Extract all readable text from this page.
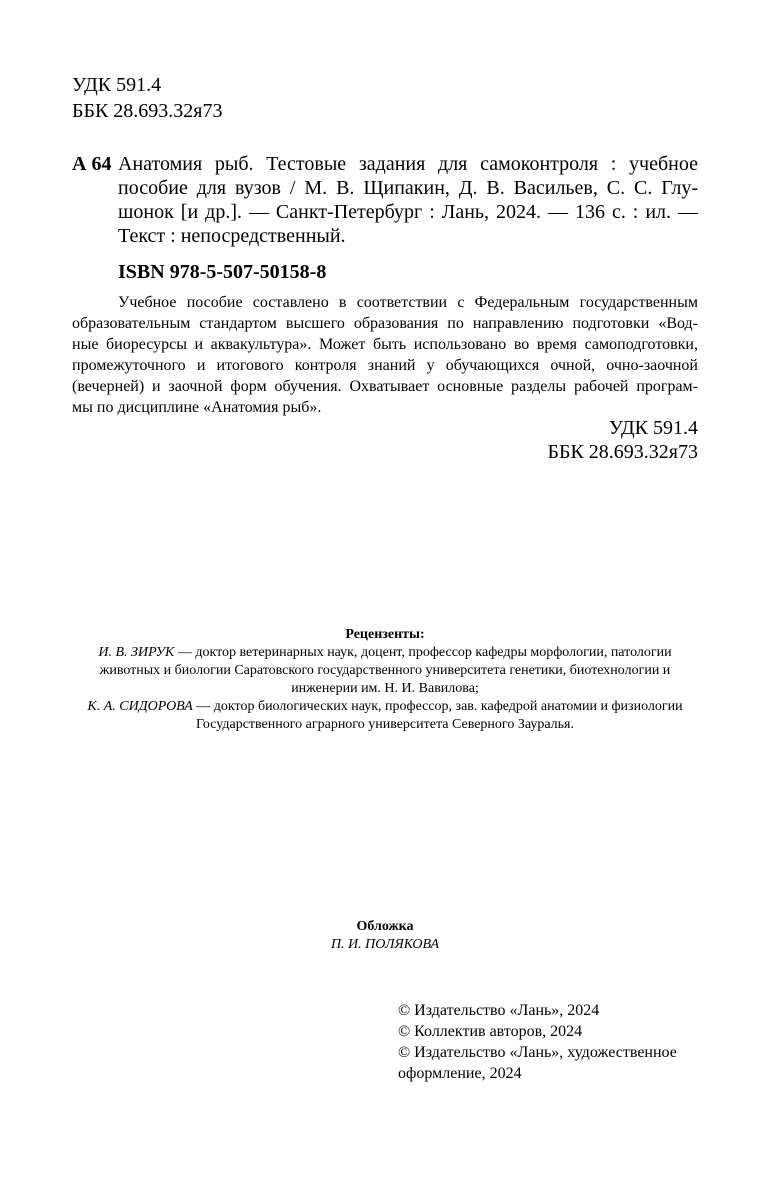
УДК 591.4
ББК 28.693.32я73
А 64 Анатомия рыб. Тестовые задания для самоконтроля : учебное
пособие для вузов / М. В. Щипакин, Д. В. Васильев, С. С. Глу-
шонок [и др.]. — Санкт-Петербург : Лань, 2024. — 136 с. : ил. —
Текст : непосредственный.
ISBN 978-5-507-50158-8
Учебное пособие составлено в соответствии с Федеральным государственным
образовательным стандартом высшего образования по направлению подготовки «Вод-
ные биоресурсы и аквакультура». Может быть использовано во время самоподготовки,
промежуточного и итогового контроля знаний у обучающихся очной, очно-заочной
(вечерней) и заочной форм обучения. Охватывает основные разделы рабочей програм-
мы по дисциплине «Анатомия рыб».
УДК 591.4
ББК 28.693.32я73
Рецензенты:
И. В. ЗИРУК — доктор ветеринарных наук, доцент, профессор кафедры морфологии, патологии
животных и биологии Саратовского государственного университета генетики, биотехнологии и
инженерии им. Н. И. Вавилова;
К. А. СИДОРОВА — доктор биологических наук, профессор, зав. кафедрой анатомии и физиологии
Государственного аграрного университета Северного Зауралья.
Обложка
П. И. ПОЛЯКОВА
© Издательство «Лань», 2024
© Коллектив авторов, 2024
© Издательство «Лань», художественное
оформление, 2024
